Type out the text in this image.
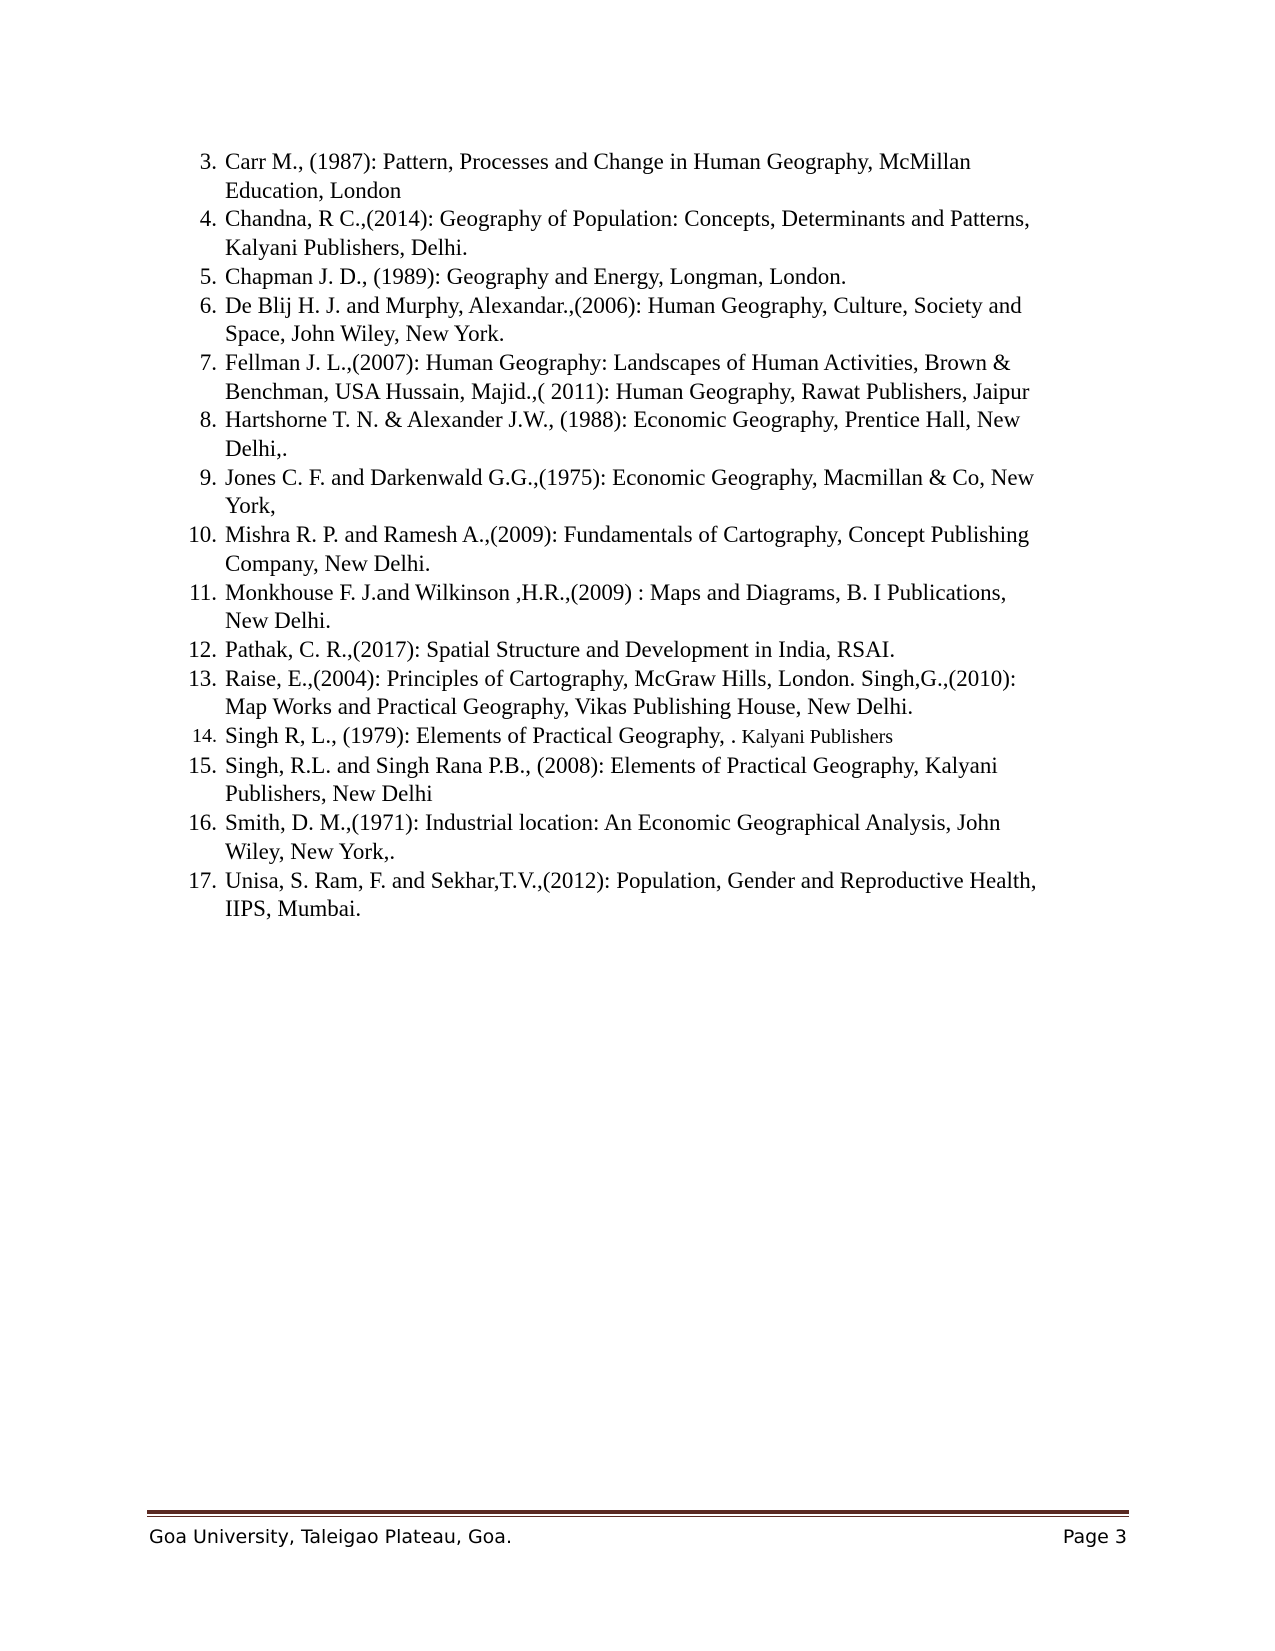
3. Carr M., (1987): Pattern, Processes and Change in Human Geography, McMillan
Education, London
4. Chandna, R C.,(2014): Geography of Population: Concepts, Determinants and Patterns,
Kalyani Publishers, Delhi.
5. Chapman J. D., (1989): Geography and Energy, Longman, London.
6. De Blij H. J. and Murphy, Alexandar.,(2006): Human Geography, Culture, Society and
Space, John Wiley, New York.
7. Fellman J. L.,(2007): Human Geography: Landscapes of Human Activities, Brown &
Benchman, USA Hussain, Majid.,( 2011): Human Geography, Rawat Publishers, Jaipur
8. Hartshorne T. N. & Alexander J.W., (1988): Economic Geography, Prentice Hall, New
Delhi,.
9. Jones C. F. and Darkenwald G.G.,(1975): Economic Geography, Macmillan & Co, New
York,
10. Mishra R. P. and Ramesh A.,(2009): Fundamentals of Cartography, Concept Publishing
Company, New Delhi.
11. Monkhouse F. J.and Wilkinson ,H.R.,(2009) : Maps and Diagrams, B. I Publications,
New Delhi.
12. Pathak, C. R.,(2017): Spatial Structure and Development in India, RSAI.
13. Raise, E.,(2004): Principles of Cartography, McGraw Hills, London. Singh,G.,(2010):
Map Works and Practical Geography, Vikas Publishing House, New Delhi.
14. Singh R, L., (1979): Elements of Practical Geography, . Kalyani Publishers
15. Singh, R.L. and Singh Rana P.B., (2008): Elements of Practical Geography, Kalyani
Publishers, New Delhi
16. Smith, D. M.,(1971): Industrial location: An Economic Geographical Analysis, John
Wiley, New York,.
17. Unisa, S. Ram, F. and Sekhar,T.V.,(2012): Population, Gender and Reproductive Health,
IIPS, Mumbai.
Goa University, Taleigao Plateau, Goa.	Page 3
